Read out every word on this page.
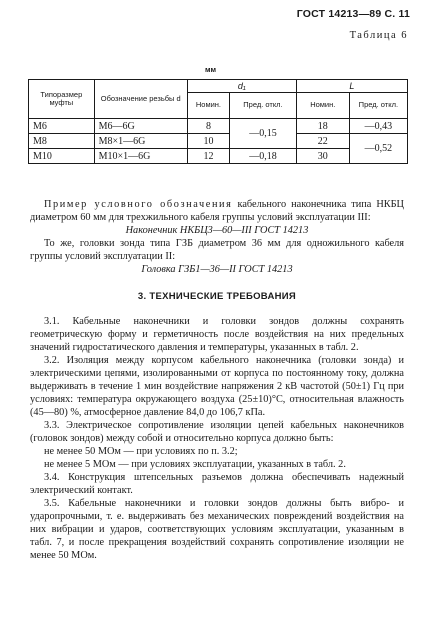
ГОСТ 14213—89 С. 11
Таблица 6
мм
Типоразмер муфты	Обозначение резьбы d	d₁		L	
		Номин.	Пред. откл.	Номин.	Пред. откл.
М6	М6—6G	8	—0,15	18	—0,43
М8	М8×1—6G	10		22	—0,52
М10	М10×1—6G	12	—0,18	30	

Пример условного обозначения кабельного наконечника типа НКБЦ диаметром 60 мм для трехжильного кабеля группы условий эксплуатации III:

Наконечник НКБЦ3—60—III ГОСТ 14213

То же, головки зонда типа ГЗБ диаметром 36 мм для одножильного кабеля группы условий эксплуатации II:

Головка ГЗБ1—36—II ГОСТ 14213

3. ТЕХНИЧЕСКИЕ ТРЕБОВАНИЯ

3.1. Кабельные наконечники и головки зондов должны сохранять геометрическую форму и герметичность после воздействия на них предельных значений гидростатического давления и температуры, указанных в табл. 2.

3.2. Изоляция между корпусом кабельного наконечника (головки зонда) и электрическими цепями, изолированными от корпуса по постоянному току, должна выдерживать в течение 1 мин воздействие напряжения 2 кВ частотой (50±1) Гц при условиях: температура окружающего воздуха (25±10)°С, относительная влажность (45—80) %, атмосферное давление 84,0 до 106,7 кПа.

3.3. Электрическое сопротивление изоляции цепей кабельных наконечников (головок зондов) между собой и относительно корпуса должно быть:

не менее 50 МОм — при условиях по п. 3.2;

не менее 5 МОм — при условиях эксплуатации, указанных в табл. 2.

3.4. Конструкция штепсельных разъемов должна обеспечивать надежный электрический контакт.

3.5. Кабельные наконечники и головки зондов должны быть вибро- и ударопрочными, т. е. выдерживать без механических повреждений воздействия на них вибрации и ударов, соответствующих условиям эксплуатации, указанным в табл. 7, и после прекращения воздействий сохранять сопротивление изоляции не менее 50 МОм.
